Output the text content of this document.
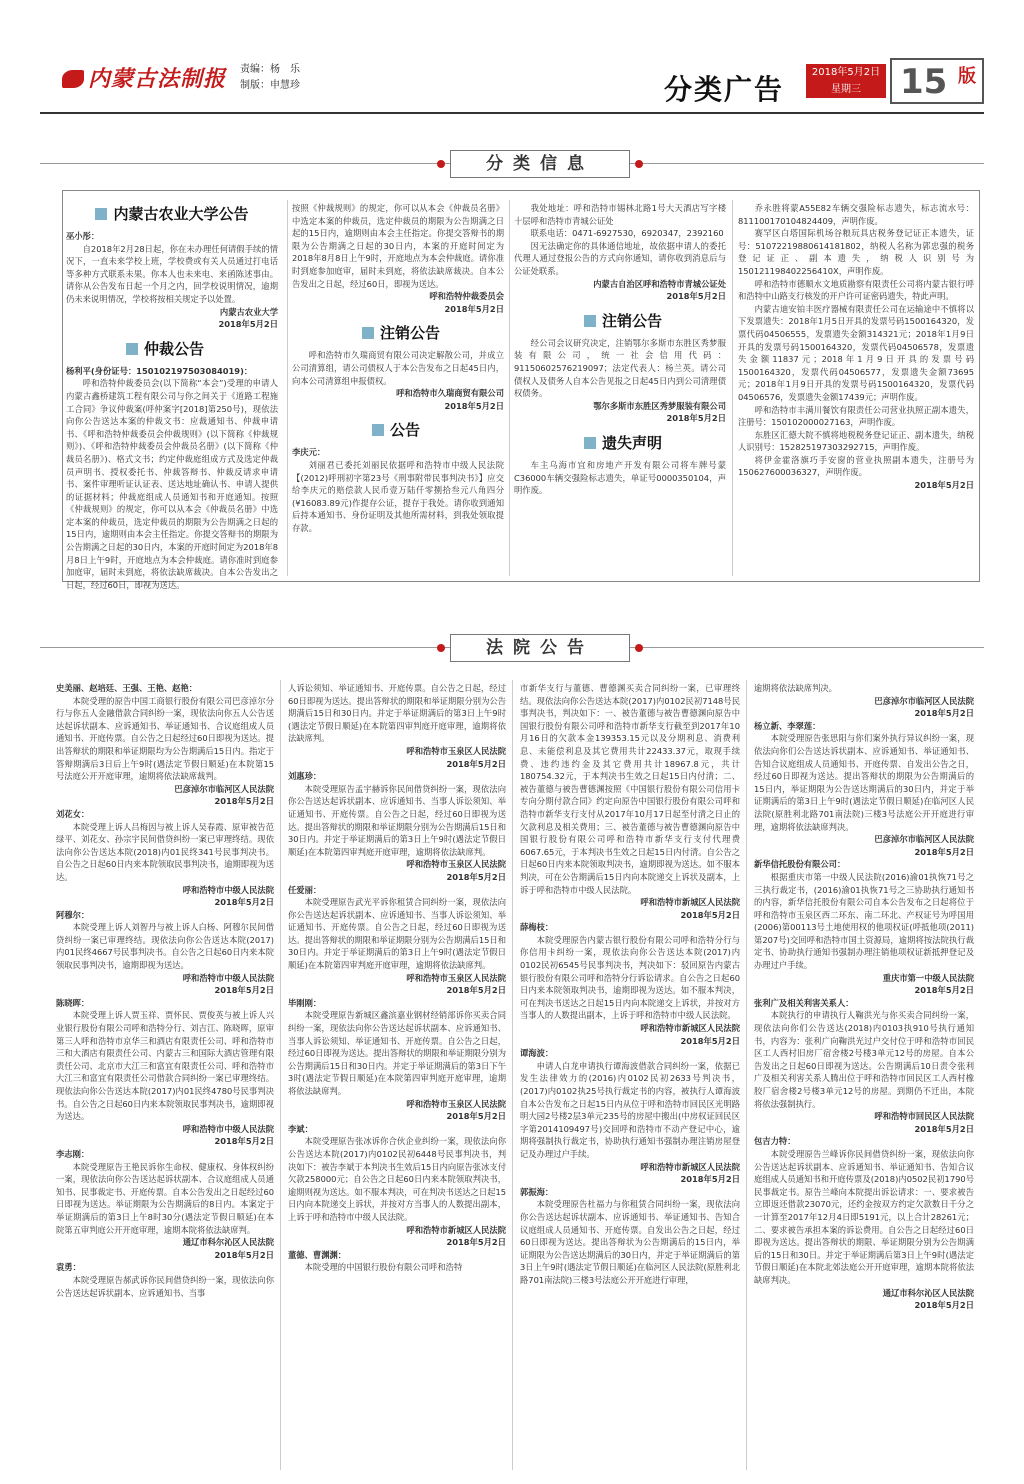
内蒙古法制报 责编：杨　乐
制版：申慧珍	分类广告
2018年5月2日
星期三	15 版
分类信息
内蒙古农业大学公告
巫小彤：

自2018年2月28日起，你在未办理任何请假手续的情况下，一直未来学校上班，学校费或有关人员通过打电话等多种方式联系未果。你本人也未来电、来函陈述事由。请你从公告发布日起一个月之内，回学校说明情况，逾期仍未来说明情况，学校将按相关规定予以处置。

内蒙古农业大学
2018年5月2日
仲裁公告
杨利平(身份证号：150102197503084019)：

呼和浩特仲裁委员会(以下简称“本会”)受理的申请人内蒙古鑫桥建筑工程有限公司与你之间关于《道路工程施工合同》争议仲裁案(呼仲案字[2018]第250号)，现依法向你公告送达本案的仲裁文书：应裁通知书、仲裁申请书、《呼和浩特仲裁委员会仲裁规则》(以下简称《仲裁规则》)、《呼和浩特仲裁委员会仲裁员名册》(以下简称《仲裁员名册》)、格式文书；约定仲裁庭组成方式及选定仲裁员声明书、授权委托书、仲裁答辩书、仲裁反请求申请书、案件审理听证认证表、送达地址确认书、申请人提供的证据材料；仲裁庭组成人员通知书和开庭通知。按照《仲裁规则》的规定，你可以从本会《仲裁员名册》中选定本案的仲裁员，选定仲裁员的期限为公告期满之日起的15日内，逾期则由本会主任指定。你提交答辩书的期限为公告期满之日起的30日内，本案的开庭时间定为2018年8月8日上午9时，开庭地点为本会仲裁庭。请你准时到庭参加庭审，届时未到庭，将依法缺席裁决。自本公告发出之日起，经过60日，即视为送达。

按照《仲裁规则》的规定，你可以从本会《仲裁员名册》中选定本案的仲裁员，选定仲裁员的期限为公告期满之日起的15日内，逾期则由本会主任指定。你提交答辩书的期限为公告期满之日起的30日内，本案的开庭时间定为2018年8月8日上午9时，开庭地点为本会仲裁庭。请你准时到庭参加庭审，届时未到庭，将依法缺席裁决。自本公告发出之日起，经过60日，即视为送达。

呼和浩特仲裁委员会
2018年5月2日
注销公告

呼和浩特市久瑞商贸有限公司决定解散公司，并成立公司清算组，请公司债权人于本公告发布之日起45日内，向本公司清算组申报债权。

呼和浩特市久瑞商贸有限公司
2018年5月2日
公告
李庆元：

刘丽君已委托刘丽民依据呼和浩特市中级人民法院【(2012)呼刑初字第23号《刑事附带民事判决书》】应交给李庆元的赔偿款人民币壹万陆仟零捌拾叁元八角四分(¥16083.89元)作提存公证，提存于我处。请你收到通知后持本通知书、身份证明及其他所需材料，到我处领取提存款。

我处地址：呼和浩特市锡林北路1号大天酒店写字楼十层呼和浩特市青城公证处

联系电话：0471-6927530，6920347，2392160

因无法确定你的具体通信地址，故依据申请人的委托代理人通过登报公告的方式向你通知，请你收到消息后与公证处联系。

内蒙古自治区呼和浩特市青城公证处
2018年5月2日
注销公告

经公司会议研究决定，注销鄂尔多斯市东胜区秀梦服装有限公司，统一社会信用代码：91150602576219097；法定代表人：杨兰英。请公司债权人及债务人自本公告见报之日起45日内到公司清理债权债务。

鄂尔多斯市东胜区秀梦服装有限公司
2018年5月2日
遗失声明

车主乌海市宜和房地产开发有限公司将车牌号蒙C36000车辆交强险标志遗失，单证号0000350104，声明作废。

乔永胜将蒙A55E82车辆交强险标志遗失，标志流水号：811100170104824409，声明作废。

赛罕区白塔国际机场谷粮玩具店税务登记证正本遗失，证号：51072219880614181802，纳税人名称为郭忠强的税务登记证正、副本遗失，纳税人识别号为150121198402256410X，声明作废。

呼和浩特市德顺水文地质勘察有限责任公司将内蒙古银行呼和浩特中山路支行核发的开户许可证密码遗失，特此声明。

内蒙古迪安铂丰医疗器械有限责任公司在运输途中不慎将以下发票遗失：2018年1月5日开具的发票号码1500164320，发票代码04506555，发票遗失金额314321元；2018年1月9日开具的发票号码1500164320，发票代码04506578，发票遗失金额11837元；2018年1月9日开具的发票号码1500164320，发票代码04506577，发票遗失金额73695元；2018年1月9日开具的发票号码1500164320，发票代码04506576，发票遗失金额17439元；声明作废。

呼和浩特市丰满川餐饮有限责任公司营业执照正副本遗失，注册号：150102000027163，声明作废。

东胜区汇德大院不慎将地税税务登记证正、副本遗失，纳税人识别号：152825197303292715，声明作废。

将伊金霍洛旗巧手安窗的营业执照副本遗失，注册号为150627600036327，声明作废。

2018年5月2日
法院公告
史美丽、赵培廷、王强、王艳、赵艳：

本院受理的原告中国工商银行股份有限公司巴彦淖尔分行与你五人金融借款合同纠纷一案，现依法向你五人公告送达起诉状副本、应诉通知书、举证通知书、合议庭组成人员通知书、开庭传票。自公告之日起经过60日即视为送达。提出答辩状的期限和举证期限均为公告期满后15日内。指定于答辩期满后3日后上午9时(遇法定节假日顺延)在本院第15号法庭公开开庭审理，逾期将依法缺席裁判。

巴彦淖尔市临河区人民法院
2018年5月2日
刘花女：

本院受理上诉人吕梅因与被上诉人吴春霞、原审被告范绿平、刘花女、孙宗宇民间借贷纠纷一案已审理终结。现依法向你公告送达本院(2018)内01民终341号民事判决书。自公告之日起60日内来本院领取民事判决书，逾期即视为送达。

呼和浩特市中级人民法院
2018年5月2日
阿穆尔：

本院受理上诉人刘智丹与被上诉人白杨、阿穆尔民间借贷纠纷一案已审理终结。现依法向你公告送达本院(2017)内01民终4667号民事判决书。自公告之日起60日内来本院领取民事判决书，逾期即视为送达。

呼和浩特市中级人民法院
2018年5月2日
陈晓晖：

本院受理上诉人贾玉祥、贾怀民、贾俊英与被上诉人兴业银行股份有限公司呼和浩特分行、刘吉江、陈晓晖，原审第三人呼和浩特市京华三和酒店有限责任公司、呼和浩特市三和大酒店有限责任公司、内蒙古三和国际大酒店管理有限责任公司、北京市大江三和富宜有限责任公司、呼和浩特市大江三和富宜有限责任公司借款合同纠纷一案已审理终结。现依法向你公告送达本院(2017)内01民终4780号民事判决书。自公告之日起60日内来本院领取民事判决书，逾期即视为送达。

呼和浩特市中级人民法院
2018年5月2日
李志刚：

本院受理原告王艳民诉你生命权、健康权、身体权纠纷一案，现依法向你公告送达起诉状副本、合议庭组成人员通知书、民事裁定书、开庭传票。自本公告发出之日起经过60日即视为送达。举证期限为公告期满后的8日内。本案定于举证期满后的第3日上午8时30分(遇法定节假日顺延)在本院第五审判庭公开开庭审理，逾期本院将依法缺席判。

通辽市科尔沁区人民法院
2018年5月2日
袁勇：

本院受理原告郝武诉你民间借贷纠纷一案，现依法向你公告送达起诉状副本、应诉通知书、当事

人诉讼须知、举证通知书、开庭传票。自公告之日起，经过60日即视为送达。提出答辩状的期限和举证期限分别为公告期满后15日和30日内。并定于举证期满后的第3日上午9时(遇法定节假日顺延)在本院第四审判庭开庭审理，逾期将依法缺席判。

呼和浩特市玉泉区人民法院
2018年5月2日
刘惠珍：

本院受理原告孟宇赫诉你民间借贷纠纷一案，现依法向你公告送达起诉状副本、应诉通知书、当事人诉讼须知、举证通知书、开庭传票。自公告之日起，经过60日即视为送达。提出答辩状的期限和举证期限分别为公告期满后15日和30日内。并定于举证期满后的第3日上午9时(遇法定节假日顺延)在本院第四审判庭开庭审理，逾期将依法缺席判。

呼和浩特市玉泉区人民法院
2018年5月2日
任爱丽：

本院受理原告武光平诉你租赁合同纠纷一案，现依法向你公告送达起诉状副本、应诉通知书、当事人诉讼须知、举证通知书、开庭传票。自公告之日起，经过60日即视为送达。提出答辩状的期限和举证期限分别为公告期满后15日和30日内。并定于举证期满后的第3日上午9时(遇法定节假日顺延)在本院第四审判庭开庭审理，逾期将依法缺席判。

呼和浩特市玉泉区人民法院
2018年5月2日
毕刚刚：

本院受理原告新城区鑫滨嘉业钢材经销部诉你买卖合同纠纷一案，现依法向你公告送达起诉状副本、应诉通知书、当事人诉讼须知、举证通知书、开庭传票。自公告之日起，经过60日即视为送达。提出答辩状的期限和举证期限分别为公告期满后15日和30日内。并定于举证期满后的第3日下午3时(遇法定节假日顺延)在本院第四审判庭开庭审理，逾期将依法缺席判。

呼和浩特市玉泉区人民法院
2018年5月2日
李斌：

本院受理原告张冰诉你合伙企业纠纷一案，现依法向你公告送达本院(2017)内0102民初6448号民事判决书，判决如下：被告李斌于本判决书生效后15日内向原告张冰支付欠款258000元；自公告之日起60日内来本院领取判决书，逾期则视为送达。如不服本判决，可在判决书送达之日起15日内向本院递交上诉状，并按对方当事人的人数提出副本，上诉于呼和浩特市中级人民法院。

呼和浩特市新城区人民法院
2018年5月2日
董德、曹渊渊：

本院受理的中国银行股份有限公司呼和浩特

市新华支行与董德、曹德渊买卖合同纠纷一案，已审理终结。现依法向你公告送达本院(2017)内0102民初7148号民事判决书，判决如下：一、被告董德与被告曹德渊向原告中国银行股份有限公司呼和浩特市新华支行截至到2017年10月16日的欠款本金139353.15元以及分期利息、消费利息、未能偿利息及其它费用共计22433.37元，取现手续费、违约违约金及其它费用共计18967.8元，共计180754.32元，于本判决书生效之日起15日内付清；二、被告董德与被告曹德渊按照《中国银行股份有限公司信用卡专向分期付款合同》约定向原告中国银行股份有限公司呼和浩特市新华支行支付从2017年10月17日起至付清之日止的欠款利息及相关费用；三、被告董德与被告曹德渊向原告中国银行股份有限公司呼和浩特市新华支行支付代理费6067.65元，于本判决书生效之日起15日内付清。自公告之日起60日内来本院领取判决书，逾期即视为送达。如不服本判决，可在公告期满后15日内向本院递交上诉状及副本，上诉于呼和浩特市中级人民法院。

呼和浩特市新城区人民法院
2018年5月2日
薛梅枝：

本院受理原告内蒙古银行股份有限公司呼和浩特分行与你信用卡纠纷一案，现依法向你公告送达本院(2017)内0102民初6545号民事判决书，判决如下：驳回原告内蒙古银行股份有限公司呼和浩特分行诉讼请求。自公告之日起60日内来本院领取判决书，逾期即视为送达。如不服本判决，可在判决书送达之日起15日内向本院递交上诉状，并按对方当事人的人数提出副本，上诉于呼和浩特市中级人民法院。

呼和浩特市新城区人民法院
2018年5月2日
谭海波：

申请人白龙申请执行谭海波借款合同纠纷一案，依据已发生法律效力的(2016)内0102民初2633号判决书，(2017)内0102执25号执行裁定书的内容，被执行人谭海波自本公告发布之日起15日内从位于呼和浩特市回民区光明路明大园2号楼2层3单元235号的房屋中搬出(中房权证回民区字第2014109497号)交回呼和浩特市不动产登记中心，逾期将强制执行裁定书，协助执行通知书强制办理注销房屋登记及办理过户手续。

呼和浩特市新城区人民法院
2018年5月2日
郭振海：

本院受理原告杜福力与你租赁合同纠纷一案，现依法向你公告送达起诉状副本、应诉通知书、举证通知书、告知合议庭组成人员通知书、开庭传票。自发出公告之日起，经过60日即视为送达。提出答辩状为公告期满后的15日内，举证期限为公告送达期满后的30日内，并定于举证期满后的第3日上午9时(遇法定节假日顺延)在临河区人民法院(原胜利北路701南法院)三楼3号法庭公开开庭进行审理，

逾期将依法缺席判决。

巴彦淖尔市临河区人民法院
2018年5月2日
杨立新、李翠莲：

本院受理原告张思阳与你们案外执行异议纠纷一案，现依法向你们公告送达诉状副本、应诉通知书、举证通知书、告知合议庭组成人员通知书、开庭传票、自发出公告之日，经过60日即视为送达。提出答辩状的期限为公告期满后的15日内，举证期限为公告送达期满后的30日内，并定于举证期满后的第3日上午9时(遇法定节假日顺延)在临河区人民法院(原胜利北路701南法院)三楼3号法庭公开开庭进行审理，逾期将依法缺席判决。

巴彦淖尔市临河区人民法院
2018年5月2日
新华信托股份有限公司：

根据重庆市第一中级人民法院(2016)渝01执恢71号之三执行裁定书，(2016)渝01执恢71号之三协助执行通知书的内容，新华信托股份有限公司自本公告发布之日起将位于呼和浩特市玉泉区西二环东、南二环北、产权证号为呼国用(2006)第00113号土地使用权的他项权证(呼抵他项(2011)第207号)交回呼和浩特市国土资源局，逾期将按法院执行裁定书、协助执行通知书强制办理注销他项权证新抵押登记及办理过户手续。

重庆市第一中级人民法院
2018年5月2日
张利广及相关利害关系人：

本院执行的申请执行人鞠洪光与你买卖合同纠纷一案，现依法向你们公告送达(2018)内0103执910号执行通知书，内容为：张利广向鞠洪光过户交付位于呼和浩特市回民区工人西村旧房厂宿舍楼2号楼3单元12号的房屋。自本公告发出之日起60日即视为送达。公告期满后10日责令张利广及相关利害关系人腾出位于呼和浩特市回民区工人西村橡胶厂宿舍楼2号楼3单元12号的房屋。到期仍不迁出，本院将依法强制执行。

呼和浩特市回民区人民法院
2018年5月2日
包吉力特：

本院受理原告兰峰诉你民间借贷纠纷一案，现依法向你公告送达起诉状副本、应诉通知书、举证通知书、告知合议庭组成人员通知书和开庭传票及(2018)内0502民初1790号民事裁定书。原告兰峰向本院提出诉讼请求：一、要求被告立即返还借款23070元，还约金按双方约定欠款数日千分之一计算至2017年12月4日即5191元，以上合计28261元；二、要求被告承担本案的诉讼费用。自公告之日起经过60日即视为送达。提出答辩状的期限、举证期限分别为公告期满后的15日和30日。并定于举证期满后第3日上午9时(遇法定节假日顺延)在本院北郊法庭公开开庭审理，逾期本院将依法缺席判决。

通辽市科尔沁区人民法院
2018年5月2日
